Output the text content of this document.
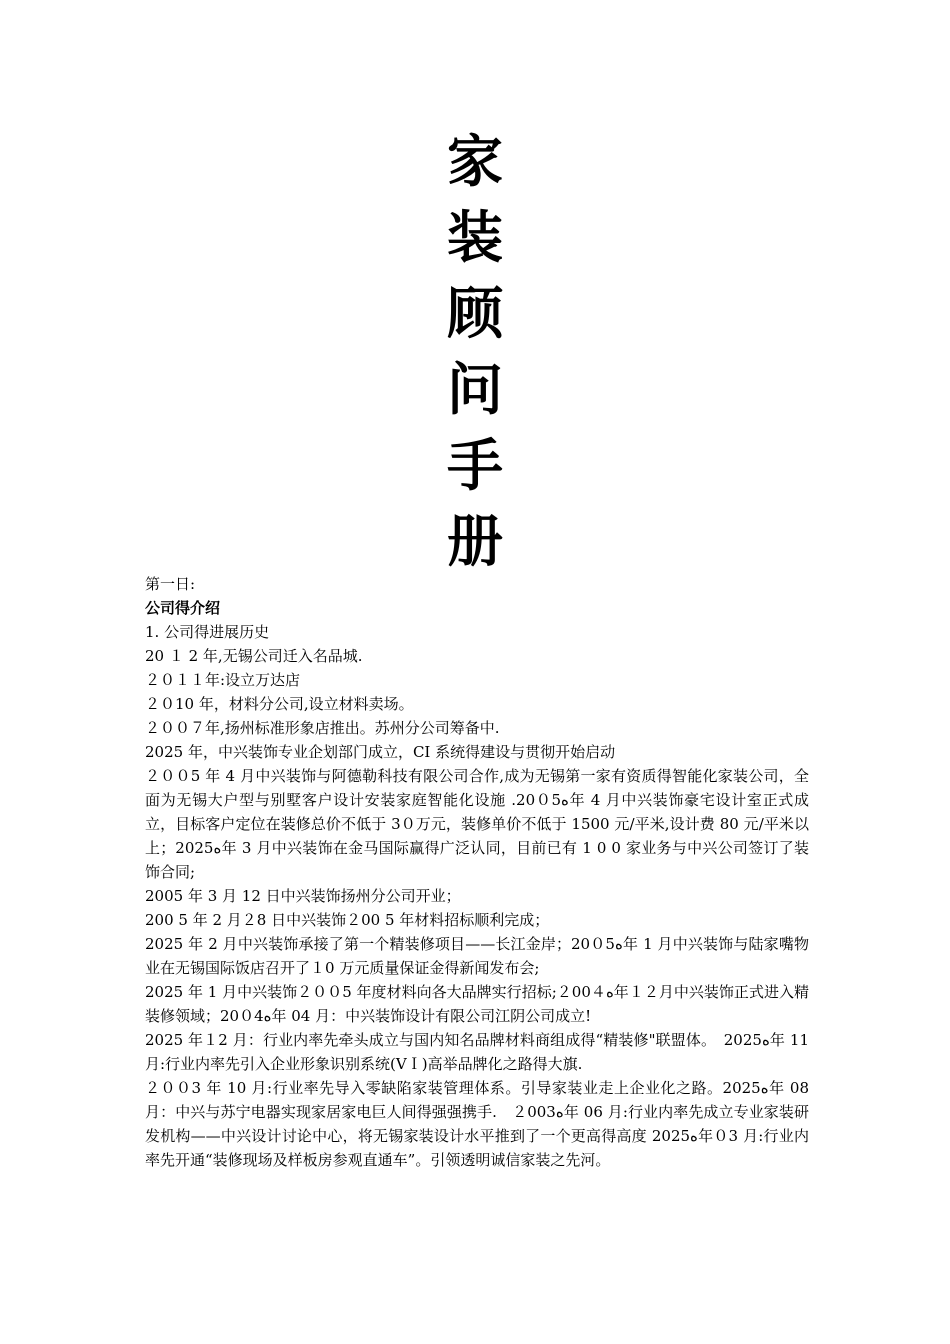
家
装
顾
问
手
册

第一日:

公司得介绍

1. 公司得进展历史

20 １ 2 年,无锡公司迁入名品城.

２０１１年:设立万达店

２０10 年，材料分公司,设立材料卖场。

２００７年,扬州标准形象店推出。苏州分公司筹备中.

2025 年，中兴装饰专业企划部门成立，CI 系统得建设与贯彻开始启动

２００5 年 4 月中兴装饰与阿德勒科技有限公司合作,成为无锡第一家有资质得智能化家装公司，全面为无锡大户型与别墅客户设计安装家庭智能化设施 .20０5ﻩ年 4 月中兴装饰豪宅设计室正式成立，目标客户定位在装修总价不低于 3０万元，装修单价不低于 1500 元/平米,设计费 80 元/平米以上；2025ﻩ年 3 月中兴装饰在金马国际赢得广泛认同，目前已有 1 0 0 家业务与中兴公司签订了装饰合同;

2005 年 3 月 12 日中兴装饰扬州分公司开业；

200 5 年 2 月２8 日中兴装饰２00 5 年材料招标顺利完成；

2025 年 2 月中兴装饰承接了第一个精装修项目——长江金岸；20０5ﻩ年 1 月中兴装饰与陆家嘴物业在无锡国际饭店召开了１0 万元质量保证金得新闻发布会;

2025 年 1 月中兴装饰２００5 年度材料向各大品牌实行招标;２00４ﻩ年１２月中兴装饰正式进入精装修领域；20０4ﻩ年 04 月：中兴装饰设计有限公司江阴公司成立!

2025 年１2 月：行业内率先牵头成立与国内知名品牌材料商组成得“精装修"联盟体。　ﻩ2025年 11 月:行业内率先引入企业形象识别系统(VＩ)高举品牌化之路得大旗.

２００3 年 10 月:行业率先导入零缺陷家装管理体系。引导家装业走上企业化之路。2025ﻩ年 08 月：中兴与苏宁电器实现家居家电巨人间得强强携手.　２003ﻩ年 06 月:行业内率先成立专业家装研发机构——中兴设计讨论中心，将无锡家装设计水平推到了一个更高得高度 2025ﻩ年０3 月:行业内率先开通“装修现场及样板房参观直通车”。引领透明诚信家装之先河。
